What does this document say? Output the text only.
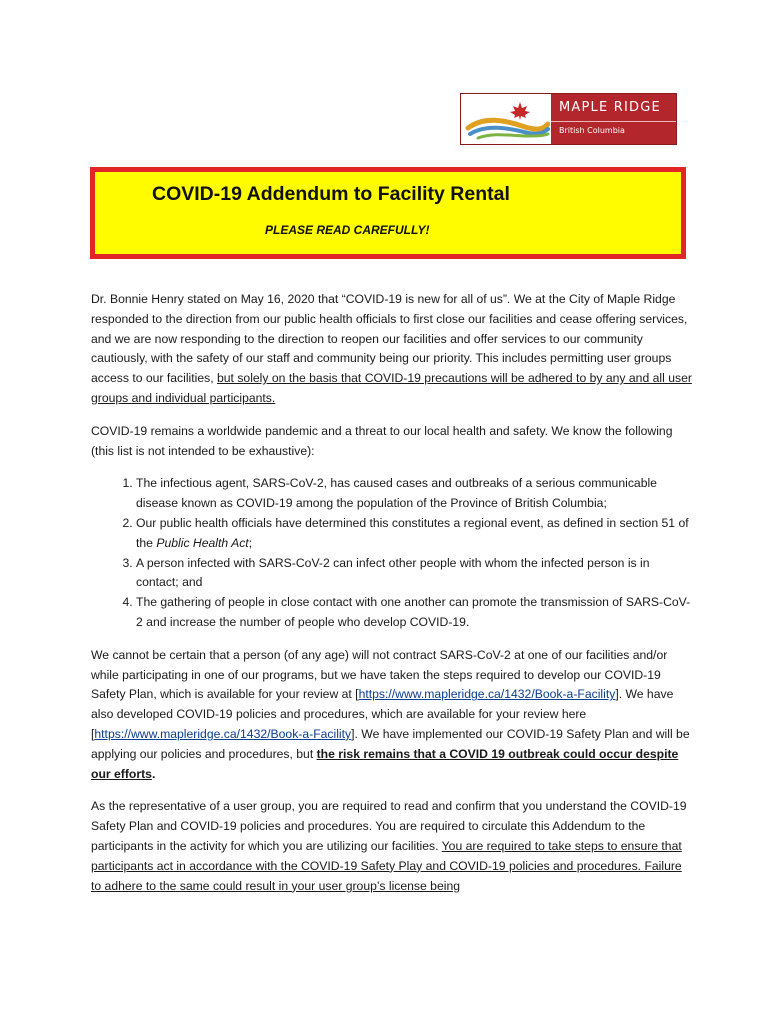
MAPLE RIDGE
British Columbia
COVID-19 Addendum to Facility Rental
PLEASE READ CAREFULLY!

Dr. Bonnie Henry stated on May 16, 2020 that “COVID-19 is new for all of us”. We at the City of Maple Ridge responded to the direction from our public health officials to first close our facilities and cease offering services, and we are now responding to the direction to reopen our facilities and offer services to our community cautiously, with the safety of our staff and community being our priority. This includes permitting user groups access to our facilities, but solely on the basis that COVID-19 precautions will be adhered to by any and all user groups and individual participants.

COVID-19 remains a worldwide pandemic and a threat to our local health and safety. We know the following (this list is not intended to be exhaustive):

1. The infectious agent, SARS-CoV-2, has caused cases and outbreaks of a serious communicable disease known as COVID-19 among the population of the Province of British Columbia;
2. Our public health officials have determined this constitutes a regional event, as defined in section 51 of the Public Health Act;
3. A person infected with SARS-CoV-2 can infect other people with whom the infected person is in contact; and
4. The gathering of people in close contact with one another can promote the transmission of SARS-CoV-2 and increase the number of people who develop COVID-19.

We cannot be certain that a person (of any age) will not contract SARS-CoV-2 at one of our facilities and/or while participating in one of our programs, but we have taken the steps required to develop our COVID-19 Safety Plan, which is available for your review at [https://www.mapleridge.ca/1432/Book-a-Facility]. We have also developed COVID-19 policies and procedures, which are available for your review here [https://www.mapleridge.ca/1432/Book-a-Facility]. We have implemented our COVID-19 Safety Plan and will be applying our policies and procedures, but the risk remains that a COVID 19 outbreak could occur despite our efforts.

As the representative of a user group, you are required to read and confirm that you understand the COVID-19 Safety Plan and COVID-19 policies and procedures. You are required to circulate this Addendum to the participants in the activity for which you are utilizing our facilities. You are required to take steps to ensure that participants act in accordance with the COVID-19 Safety Play and COVID-19 policies and procedures. Failure to adhere to the same could result in your user group’s license being
